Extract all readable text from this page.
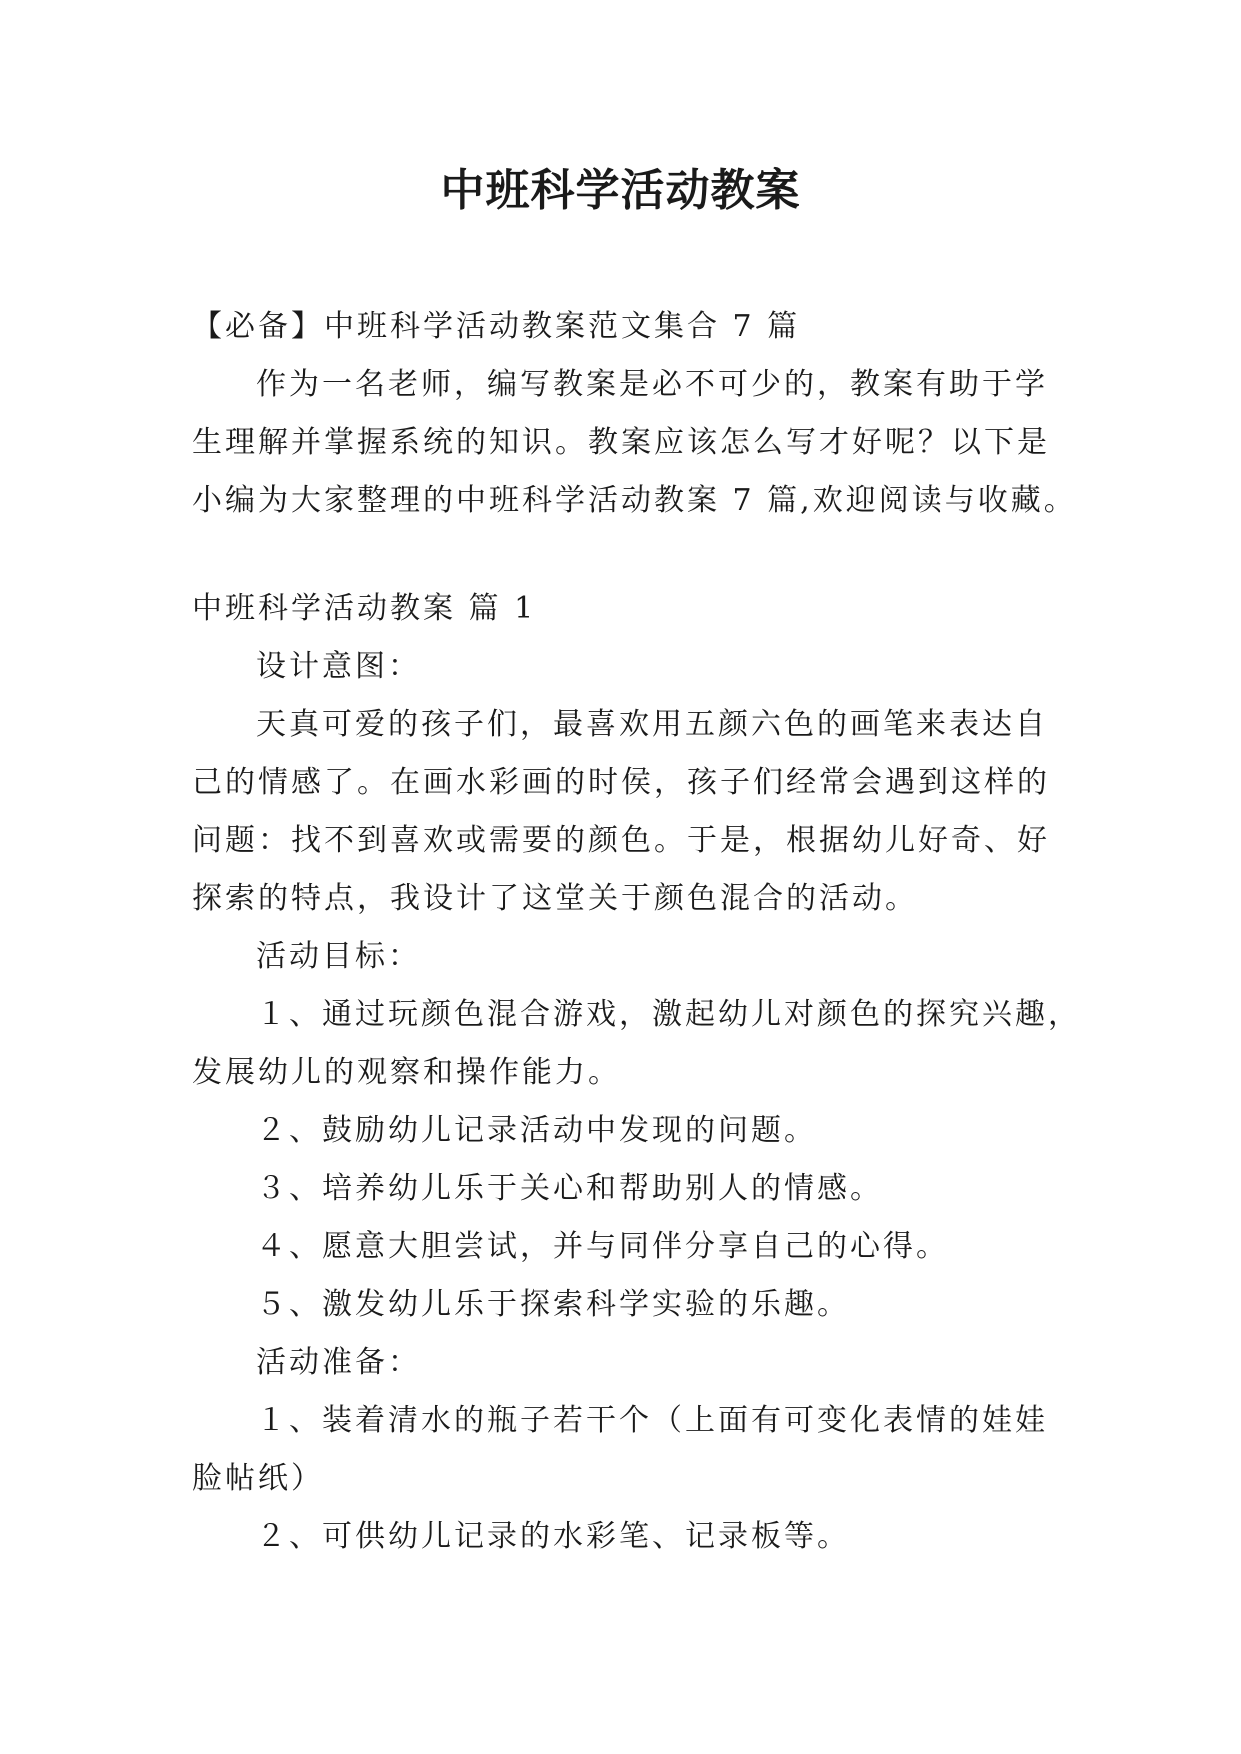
中班科学活动教案
【必备】中班科学活动教案范文集合 7 篇
作为一名老师，编写教案是必不可少的，教案有助于学
生理解并掌握系统的知识。教案应该怎么写才好呢？以下是
小编为大家整理的中班科学活动教案 7 篇,欢迎阅读与收藏。
中班科学活动教案 篇 1
设计意图：
天真可爱的孩子们，最喜欢用五颜六色的画笔来表达自
己的情感了。在画水彩画的时侯，孩子们经常会遇到这样的
问题：找不到喜欢或需要的颜色。于是，根据幼儿好奇、好
探索的特点，我设计了这堂关于颜色混合的活动。
活动目标：
１、通过玩颜色混合游戏，激起幼儿对颜色的探究兴趣，
发展幼儿的观察和操作能力。
２、鼓励幼儿记录活动中发现的问题。
３、培养幼儿乐于关心和帮助别人的情感。
４、愿意大胆尝试，并与同伴分享自己的心得。
５、激发幼儿乐于探索科学实验的乐趣。
活动准备：
１、装着清水的瓶子若干个（上面有可变化表情的娃娃
脸帖纸）
２、可供幼儿记录的水彩笔、记录板等。
